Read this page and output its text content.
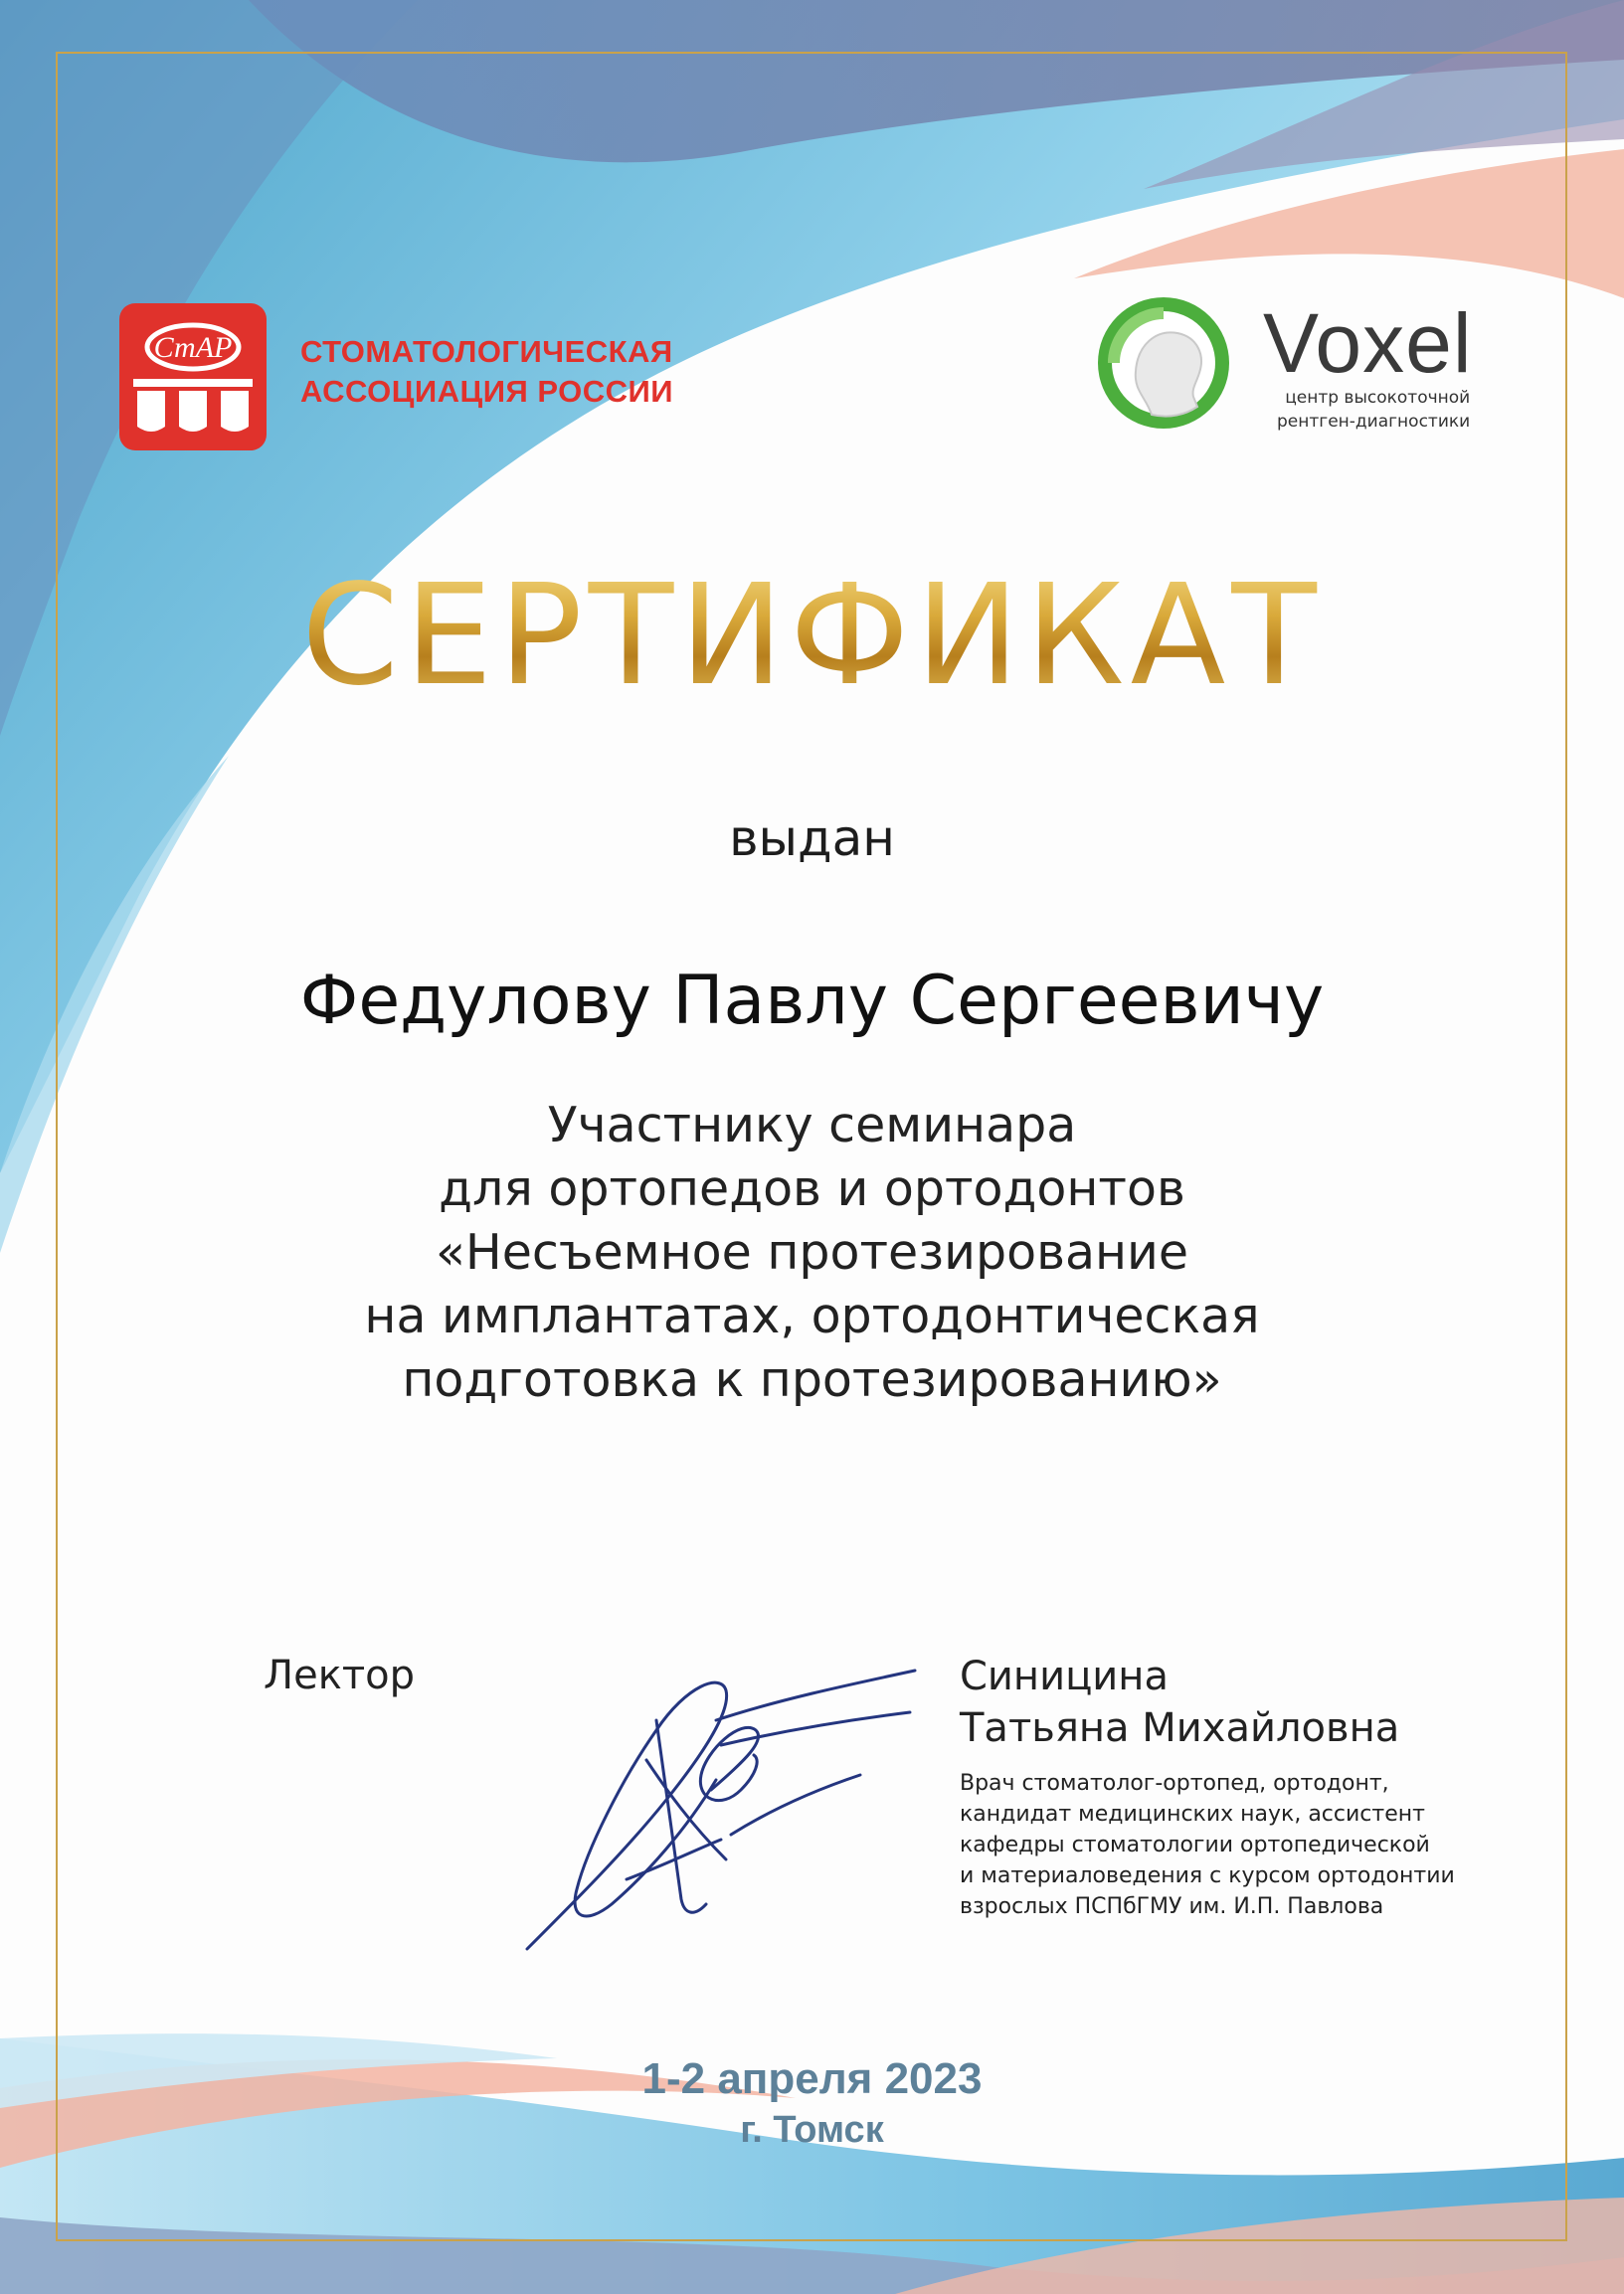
СтАР СТОМАТОЛОГИЧЕСКАЯ
АССОЦИАЦИЯ РОССИИ
Voxel
центр высокоточной
рентген-диагностики
СЕРТИФИКАТ
выдан
Федулову Павлу Сергеевичу
Участнику семинара
для ортопедов и ортодонтов
«Несъемное протезирование
на имплантатах, ортодонтическая
подготовка к протезированию»
Лектор	Синицина
Татьяна Михайловна
Врач стоматолог-ортопед, ортодонт,
кандидат медицинских наук, ассистент
кафедры стоматологии ортопедической
и материаловедения с курсом ортодонтии
взрослых ПСПбГМУ им. И.П. Павлова
1-2 апреля 2023
г. Томск
